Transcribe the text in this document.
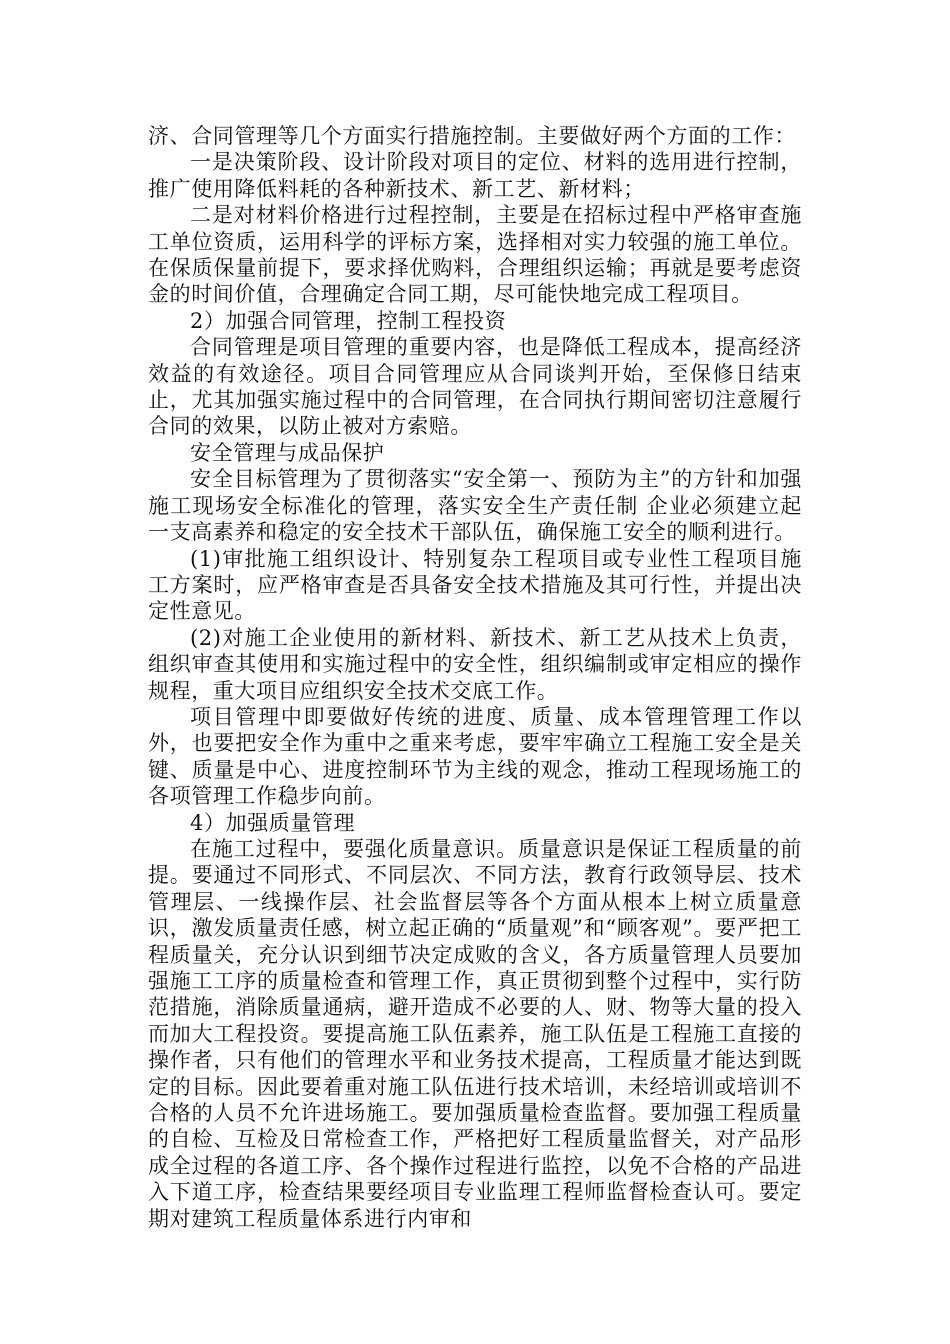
济、合同管理等几个方面实行措施控制。主要做好两个方面的工作：

一是决策阶段、设计阶段对项目的定位、材料的选用进行控制，推广使用降低料耗的各种新技术、新工艺、新材料；

二是对材料价格进行过程控制，主要是在招标过程中严格审查施工单位资质，运用科学的评标方案，选择相对实力较强的施工单位。在保质保量前提下，要求择优购料，合理组织运输；再就是要考虑资金的时间价值，合理确定合同工期，尽可能快地完成工程项目。

2）加强合同管理，控制工程投资

合同管理是项目管理的重要内容，也是降低工程成本，提高经济效益的有效途径。项目合同管理应从合同谈判开始，至保修日结束 止，尤其加强实施过程中的合同管理，在合同执行期间密切注意履行合同的效果，以防止被对方索赔。

安全管理与成品保护

安全目标管理为了贯彻落实“安全第一、预防为主”的方针和加强施工现场安全标准化的管理，落实安全生产责任制 企业必须建立起一支高素养和稳定的安全技术干部队伍，确保施工安全的顺利进行。

(1)审批施工组织设计、特别复杂工程项目或专业性工程项目施工方案时，应严格审查是否具备安全技术措施及其可行性，并提出决定性意见。

(2)对施工企业使用的新材料、新技术、新工艺从技术上负责，组织审查其使用和实施过程中的安全性，组织编制或审定相应的操作规程，重大项目应组织安全技术交底工作。

项目管理中即要做好传统的进度、质量、成本管理管理工作以外，也要把安全作为重中之重来考虑，要牢牢确立工程施工安全是关键、质量是中心、进度控制环节为主线的观念，推动工程现场施工的各项管理工作稳步向前。

4）加强质量管理

在施工过程中，要强化质量意识。质量意识是保证工程质量的前提。要通过不同形式、不同层次、不同方法，教育行政领导层、技术管理层、一线操作层、社会监督层等各个方面从根本上树立质量意识，激发质量责任感，树立起正确的“质量观”和“顾客观”。要严把工程质量关，充分认识到细节决定成败的含义，各方质量管理人员要加强施工工序的质量检查和管理工作，真正贯彻到整个过程中，实行防范措施，消除质量通病，避开造成不必要的人、财、物等大量的投入而加大工程投资。要提高施工队伍素养，施工队伍是工程施工直接的操作者，只有他们的管理水平和业务技术提高，工程质量才能达到既定的目标。因此要着重对施工队伍进行技术培训，未经培训或培训不合格的人员不允许进场施工。要加强质量检查监督。要加强工程质量的自检、互检及日常检查工作，严格把好工程质量监督关，对产品形成全过程的各道工序、各个操作过程进行监控，以免不合格的产品进入下道工序，检查结果要经项目专业监理工程师监督检查认可。要定期对建筑工程质量体系进行内审和
